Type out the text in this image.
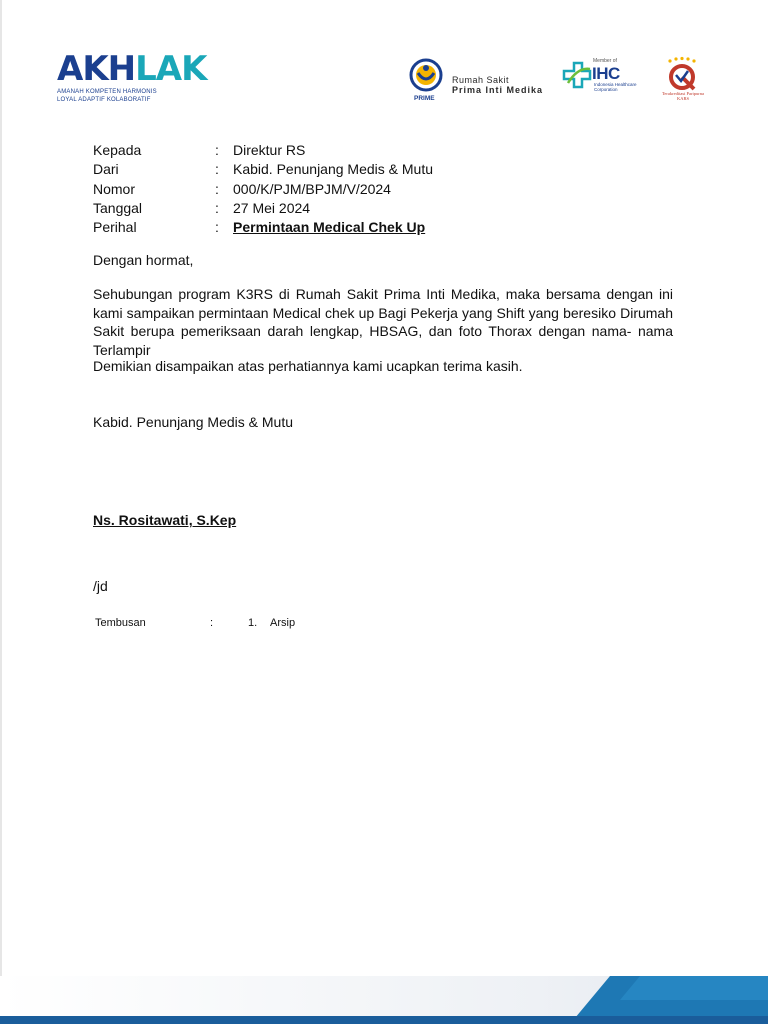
AKHLAK
AMANAH KOMPETEN HARMONIS
LOYAL ADAPTIF KOLABORATIF	PRIME
Rumah Sakit
Prima Inti Medika
Member of
IHC
Indonesia Healthcare
Corporation
Terakreditasi Paripurna
KARS
Kepada	:	Direktur RS
Dari	:	Kabid. Penunjang Medis & Mutu
Nomor	:	000/K/PJM/BPJM/V/2024
Tanggal	:	27 Mei 2024
Perihal	:	Permintaan Medical Chek Up
Dengan hormat,
Sehubungan program K3RS di Rumah Sakit Prima Inti Medika, maka bersama dengan ini kami sampaikan permintaan Medical chek up Bagi Pekerja yang Shift yang beresiko Dirumah Sakit berupa pemeriksaan darah lengkap, HBSAG, dan foto Thorax dengan nama- nama Terlampir
Demikian disampaikan atas perhatiannya kami ucapkan terima kasih.
Kabid. Penunjang Medis & Mutu
Ns. Rositawati, S.Kep
/jd
Tembusan	:	1.	Arsip
